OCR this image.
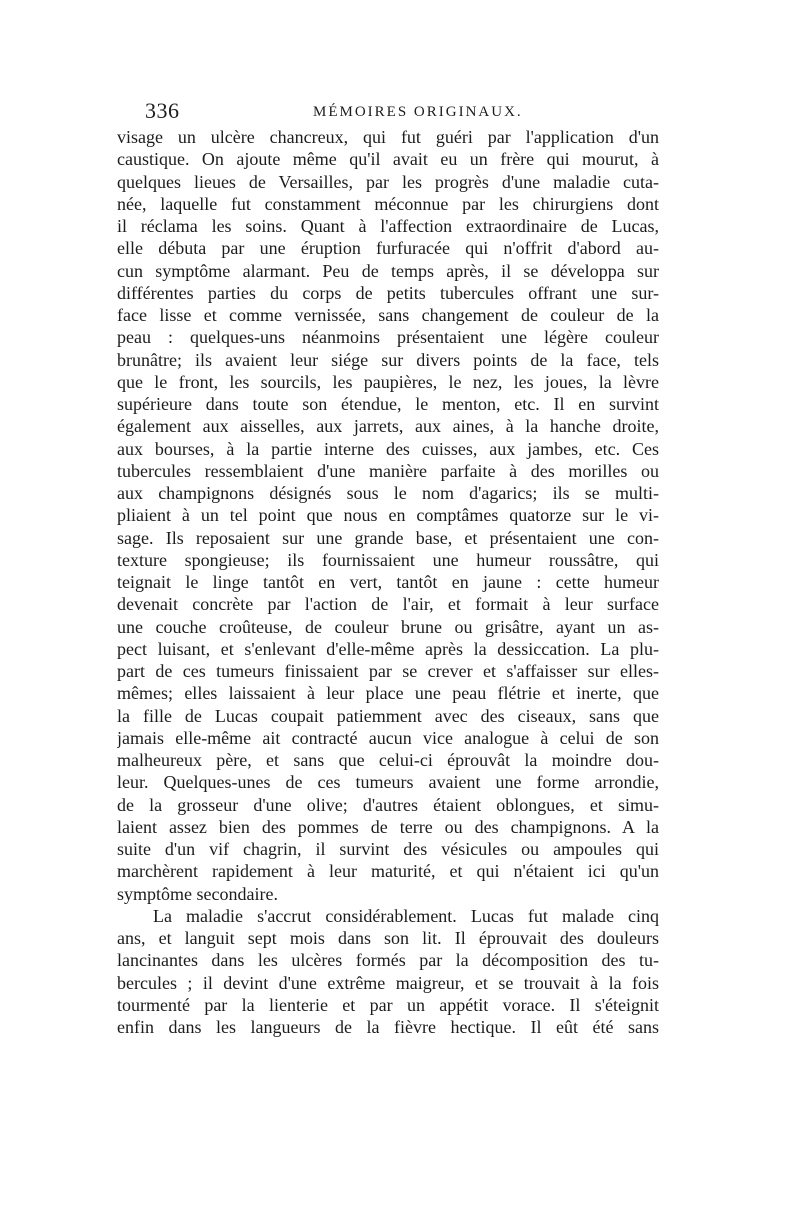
336	MÉMOIRES ORIGINAUX.
visage un ulcère chancreux, qui fut guéri par l'application d'un
caustique. On ajoute même qu'il avait eu un frère qui mourut, à
quelques lieues de Versailles, par les progrès d'une maladie cuta-
née, laquelle fut constamment méconnue par les chirurgiens dont
il réclama les soins. Quant à l'affection extraordinaire de Lucas,
elle débuta par une éruption furfuracée qui n'offrit d'abord au-
cun symptôme alarmant. Peu de temps après, il se développa sur
différentes parties du corps de petits tubercules offrant une sur-
face lisse et comme vernissée, sans changement de couleur de la
peau : quelques-uns néanmoins présentaient une légère couleur
brunâtre; ils avaient leur siége sur divers points de la face, tels
que le front, les sourcils, les paupières, le nez, les joues, la lèvre
supérieure dans toute son étendue, le menton, etc. Il en survint
également aux aisselles, aux jarrets, aux aines, à la hanche droite,
aux bourses, à la partie interne des cuisses, aux jambes, etc. Ces
tubercules ressemblaient d'une manière parfaite à des morilles ou
aux champignons désignés sous le nom d'agarics; ils se multi-
pliaient à un tel point que nous en comptâmes quatorze sur le vi-
sage. Ils reposaient sur une grande base, et présentaient une con-
texture spongieuse; ils fournissaient une humeur roussâtre, qui
teignait le linge tantôt en vert, tantôt en jaune : cette humeur
devenait concrète par l'action de l'air, et formait à leur surface
une couche croûteuse, de couleur brune ou grisâtre, ayant un as-
pect luisant, et s'enlevant d'elle-même après la dessiccation. La plu-
part de ces tumeurs finissaient par se crever et s'affaisser sur elles-
mêmes; elles laissaient à leur place une peau flétrie et inerte, que
la fille de Lucas coupait patiemment avec des ciseaux, sans que
jamais elle-même ait contracté aucun vice analogue à celui de son
malheureux père, et sans que celui-ci éprouvât la moindre dou-
leur. Quelques-unes de ces tumeurs avaient une forme arrondie,
de la grosseur d'une olive; d'autres étaient oblongues, et simu-
laient assez bien des pommes de terre ou des champignons. A la
suite d'un vif chagrin, il survint des vésicules ou ampoules qui
marchèrent rapidement à leur maturité, et qui n'étaient ici qu'un
symptôme secondaire.
La maladie s'accrut considérablement. Lucas fut malade cinq
ans, et languit sept mois dans son lit. Il éprouvait des douleurs
lancinantes dans les ulcères formés par la décomposition des tu-
bercules ; il devint d'une extrême maigreur, et se trouvait à la fois
tourmenté par la lienterie et par un appétit vorace. Il s'éteignit
enfin dans les langueurs de la fièvre hectique. Il eût été sans
